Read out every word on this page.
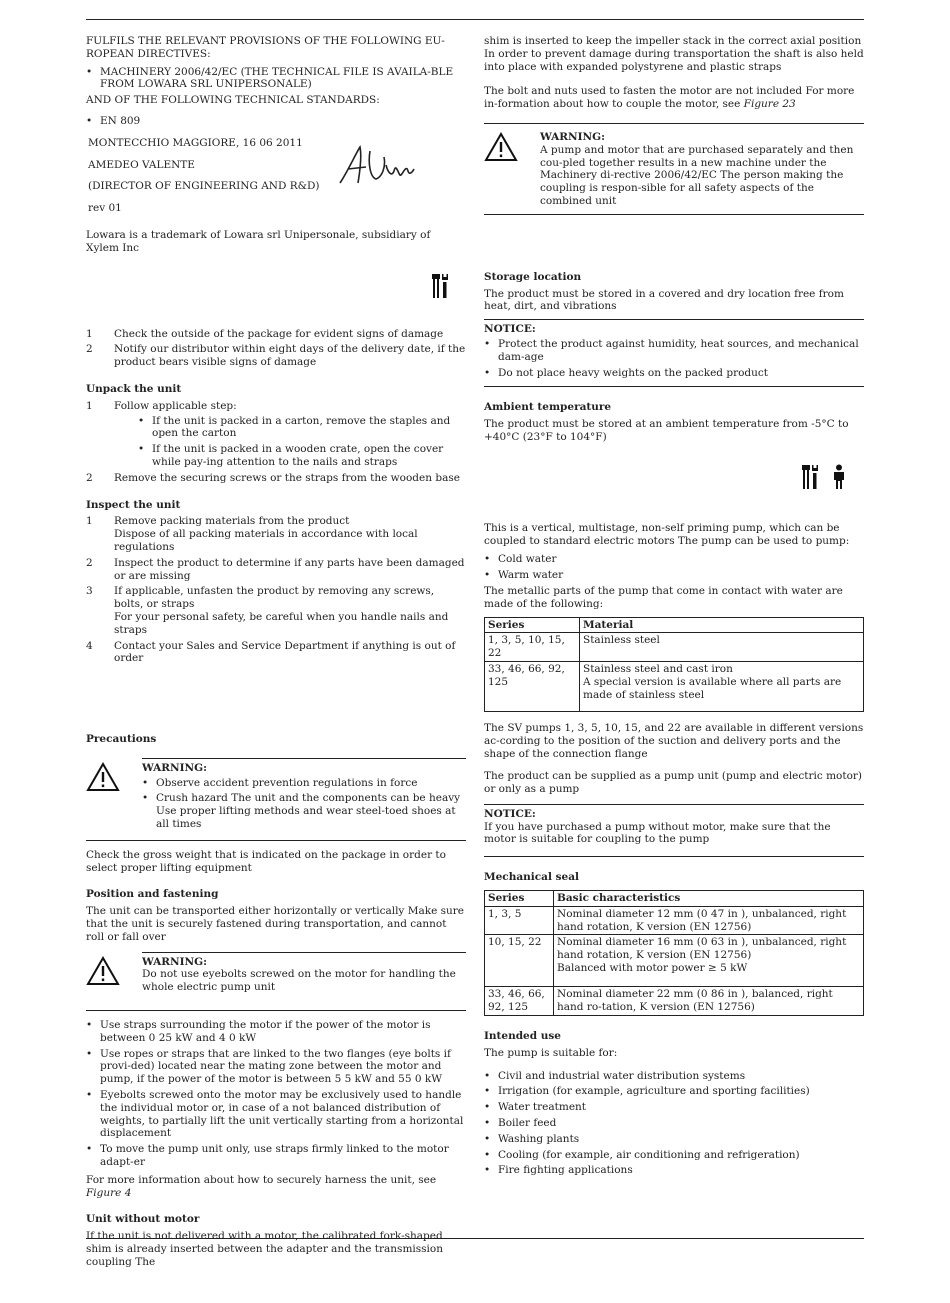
FULFILS THE RELEVANT PROVISIONS OF THE FOLLOWING EU-ROPEAN DIRECTIVES:

• MACHINERY 2006/42/EC (THE TECHNICAL FILE IS AVAILA-BLE FROM LOWARA SRL UNIPERSONALE)

AND OF THE FOLLOWING TECHNICAL STANDARDS:

• EN 809

MONTECCHIO MAGGIORE, 16 06 2011

AMEDEO VALENTE

(DIRECTOR OF ENGINEERING AND R&D)

rev 01

Lowara is a trademark of Lowara srl Unipersonale, subsidiary of Xylem Inc

1 Check the outside of the package for evident signs of damage
2 Notify our distributor within eight days of the delivery date, if the product bears visible signs of damage
Unpack the unit
1 Follow applicable step:
• If the unit is packed in a carton, remove the staples and open the carton
• If the unit is packed in a wooden crate, open the cover while pay-ing attention to the nails and straps
2 Remove the securing screws or the straps from the wooden base
Inspect the unit
1 Remove packing materials from the product
Dispose of all packing materials in accordance with local regulations
2 Inspect the product to determine if any parts have been damaged or are missing
3 If applicable, unfasten the product by removing any screws, bolts, or straps
For your personal safety, be careful when you handle nails and straps
4 Contact your Sales and Service Department if anything is out of order
Precautions
WARNING:
• Observe accident prevention regulations in force
• Crush hazard The unit and the components can be heavy Use proper lifting methods and wear steel-toed shoes at all times

Check the gross weight that is indicated on the package in order to select proper lifting equipment

Position and fastening

The unit can be transported either horizontally or vertically Make sure that the unit is securely fastened during transportation, and cannot roll or fall over

WARNING:
Do not use eyebolts screwed on the motor for handling the whole electric pump unit
• Use straps surrounding the motor if the power of the motor is between 0 25 kW and 4 0 kW
• Use ropes or straps that are linked to the two flanges (eye bolts if provi-ded) located near the mating zone between the motor and pump, if the power of the motor is between 5 5 kW and 55 0 kW
• Eyebolts screwed onto the motor may be exclusively used to handle the individual motor or, in case of a not balanced distribution of weights, to partially lift the unit vertically starting from a horizontal displacement
• To move the pump unit only, use straps firmly linked to the motor adapt-er

For more information about how to securely harness the unit, see Figure 4

Unit without motor

If the unit is not delivered with a motor, the calibrated fork-shaped shim is already inserted between the adapter and the transmission coupling The

shim is inserted to keep the impeller stack in the correct axial position In order to prevent damage during transportation the shaft is also held into place with expanded polystyrene and plastic straps

The bolt and nuts used to fasten the motor are not included For more in-formation about how to couple the motor, see Figure 23

WARNING:
A pump and motor that are purchased separately and then cou-pled together results in a new machine under the Machinery di-rective 2006/42/EC The person making the coupling is respon-sible for all safety aspects of the combined unit
Storage location

The product must be stored in a covered and dry location free from heat, dirt, and vibrations

NOTICE:
• Protect the product against humidity, heat sources, and mechanical dam-age
• Do not place heavy weights on the packed product
Ambient temperature

The product must be stored at an ambient temperature from -5°C to +40°C (23°F to 104°F)

This is a vertical, multistage, non-self priming pump, which can be coupled to standard electric motors The pump can be used to pump:

• Cold water
• Warm water

The metallic parts of the pump that come in contact with water are made of the following:

Series	Material
1, 3, 5, 10, 15, 22	Stainless steel
33, 46, 66, 92, 125	Stainless steel and cast iron
A special version is available where all parts are made of stainless steel

The SV pumps 1, 3, 5, 10, 15, and 22 are available in different versions ac-cording to the position of the suction and delivery ports and the shape of the connection flange

The product can be supplied as a pump unit (pump and electric motor) or only as a pump

NOTICE:
If you have purchased a pump without motor, make sure that the motor is suitable for coupling to the pump
Mechanical seal
Series	Basic characteristics
1, 3, 5	Nominal diameter 12 mm (0 47 in ), unbalanced, right hand rotation, K version (EN 12756)
10, 15, 22	Nominal diameter 16 mm (0 63 in ), unbalanced, right hand rotation, K version (EN 12756)
Balanced with motor power ≥ 5 kW
33, 46, 66, 92, 125	Nominal diameter 22 mm (0 86 in ), balanced, right hand ro-tation, K version (EN 12756)
Intended use

The pump is suitable for:

• Civil and industrial water distribution systems
• Irrigation (for example, agriculture and sporting facilities)
• Water treatment
• Boiler feed
• Washing plants
• Cooling (for example, air conditioning and refrigeration)
• Fire fighting applications
